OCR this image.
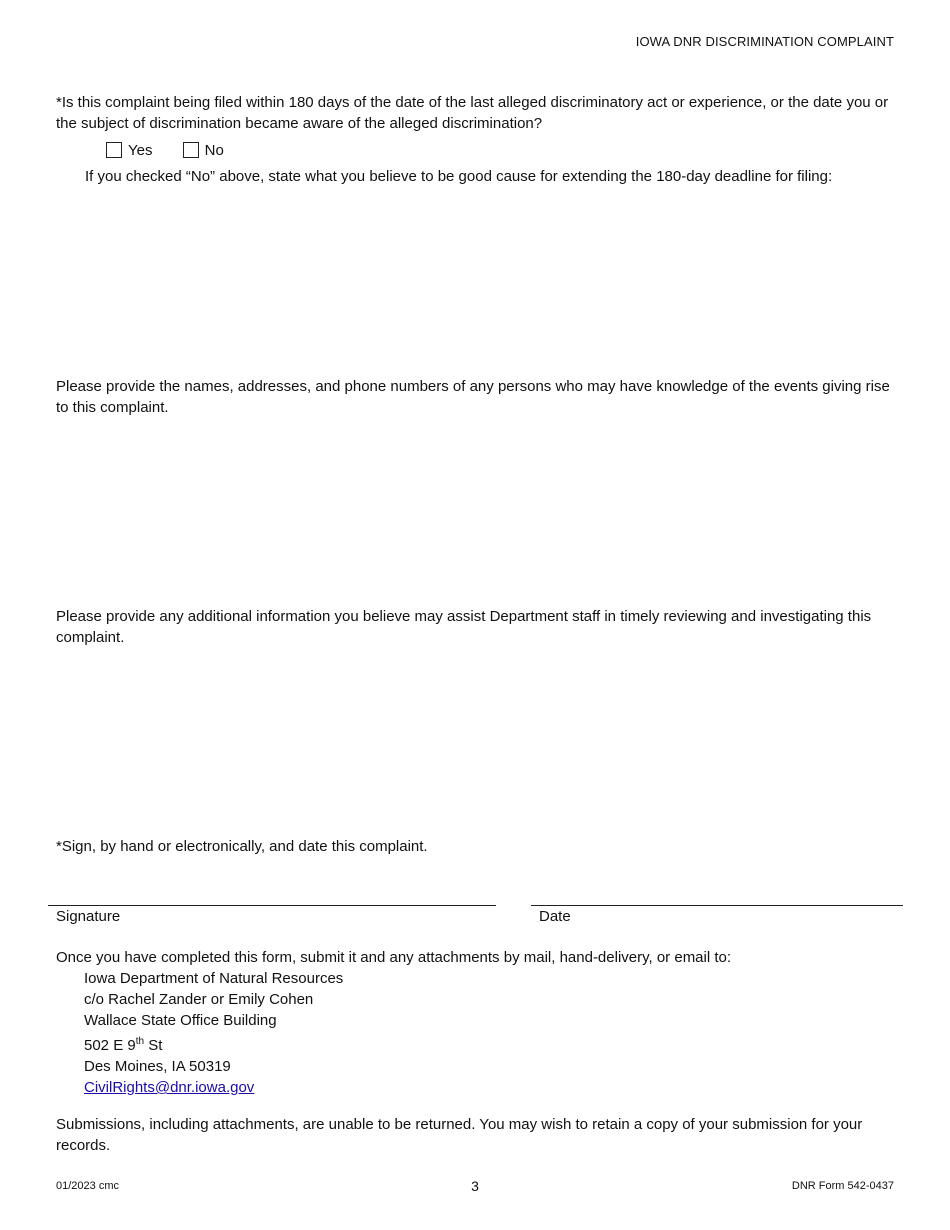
IOWA DNR DISCRIMINATION COMPLAINT
*Is this complaint being filed within 180 days of the date of the last alleged discriminatory act or experience, or the date you or the subject of discrimination became aware of the alleged discrimination?
Yes	No
If you checked “No” above, state what you believe to be good cause for extending the 180-day deadline for filing:
Please provide the names, addresses, and phone numbers of any persons who may have knowledge of the events giving rise to this complaint.
Please provide any additional information you believe may assist Department staff in timely reviewing and investigating this complaint.
*Sign, by hand or electronically, and date this complaint.
Signature	Date
Once you have completed this form, submit it and any attachments by mail, hand-delivery, or email to:
Iowa Department of Natural Resources
c/o Rachel Zander or Emily Cohen
Wallace State Office Building
502 E 9th St
Des Moines, IA 50319
CivilRights@dnr.iowa.gov
Submissions, including attachments, are unable to be returned. You may wish to retain a copy of your submission for your records.
01/2023 cmc	3	DNR Form 542-0437
